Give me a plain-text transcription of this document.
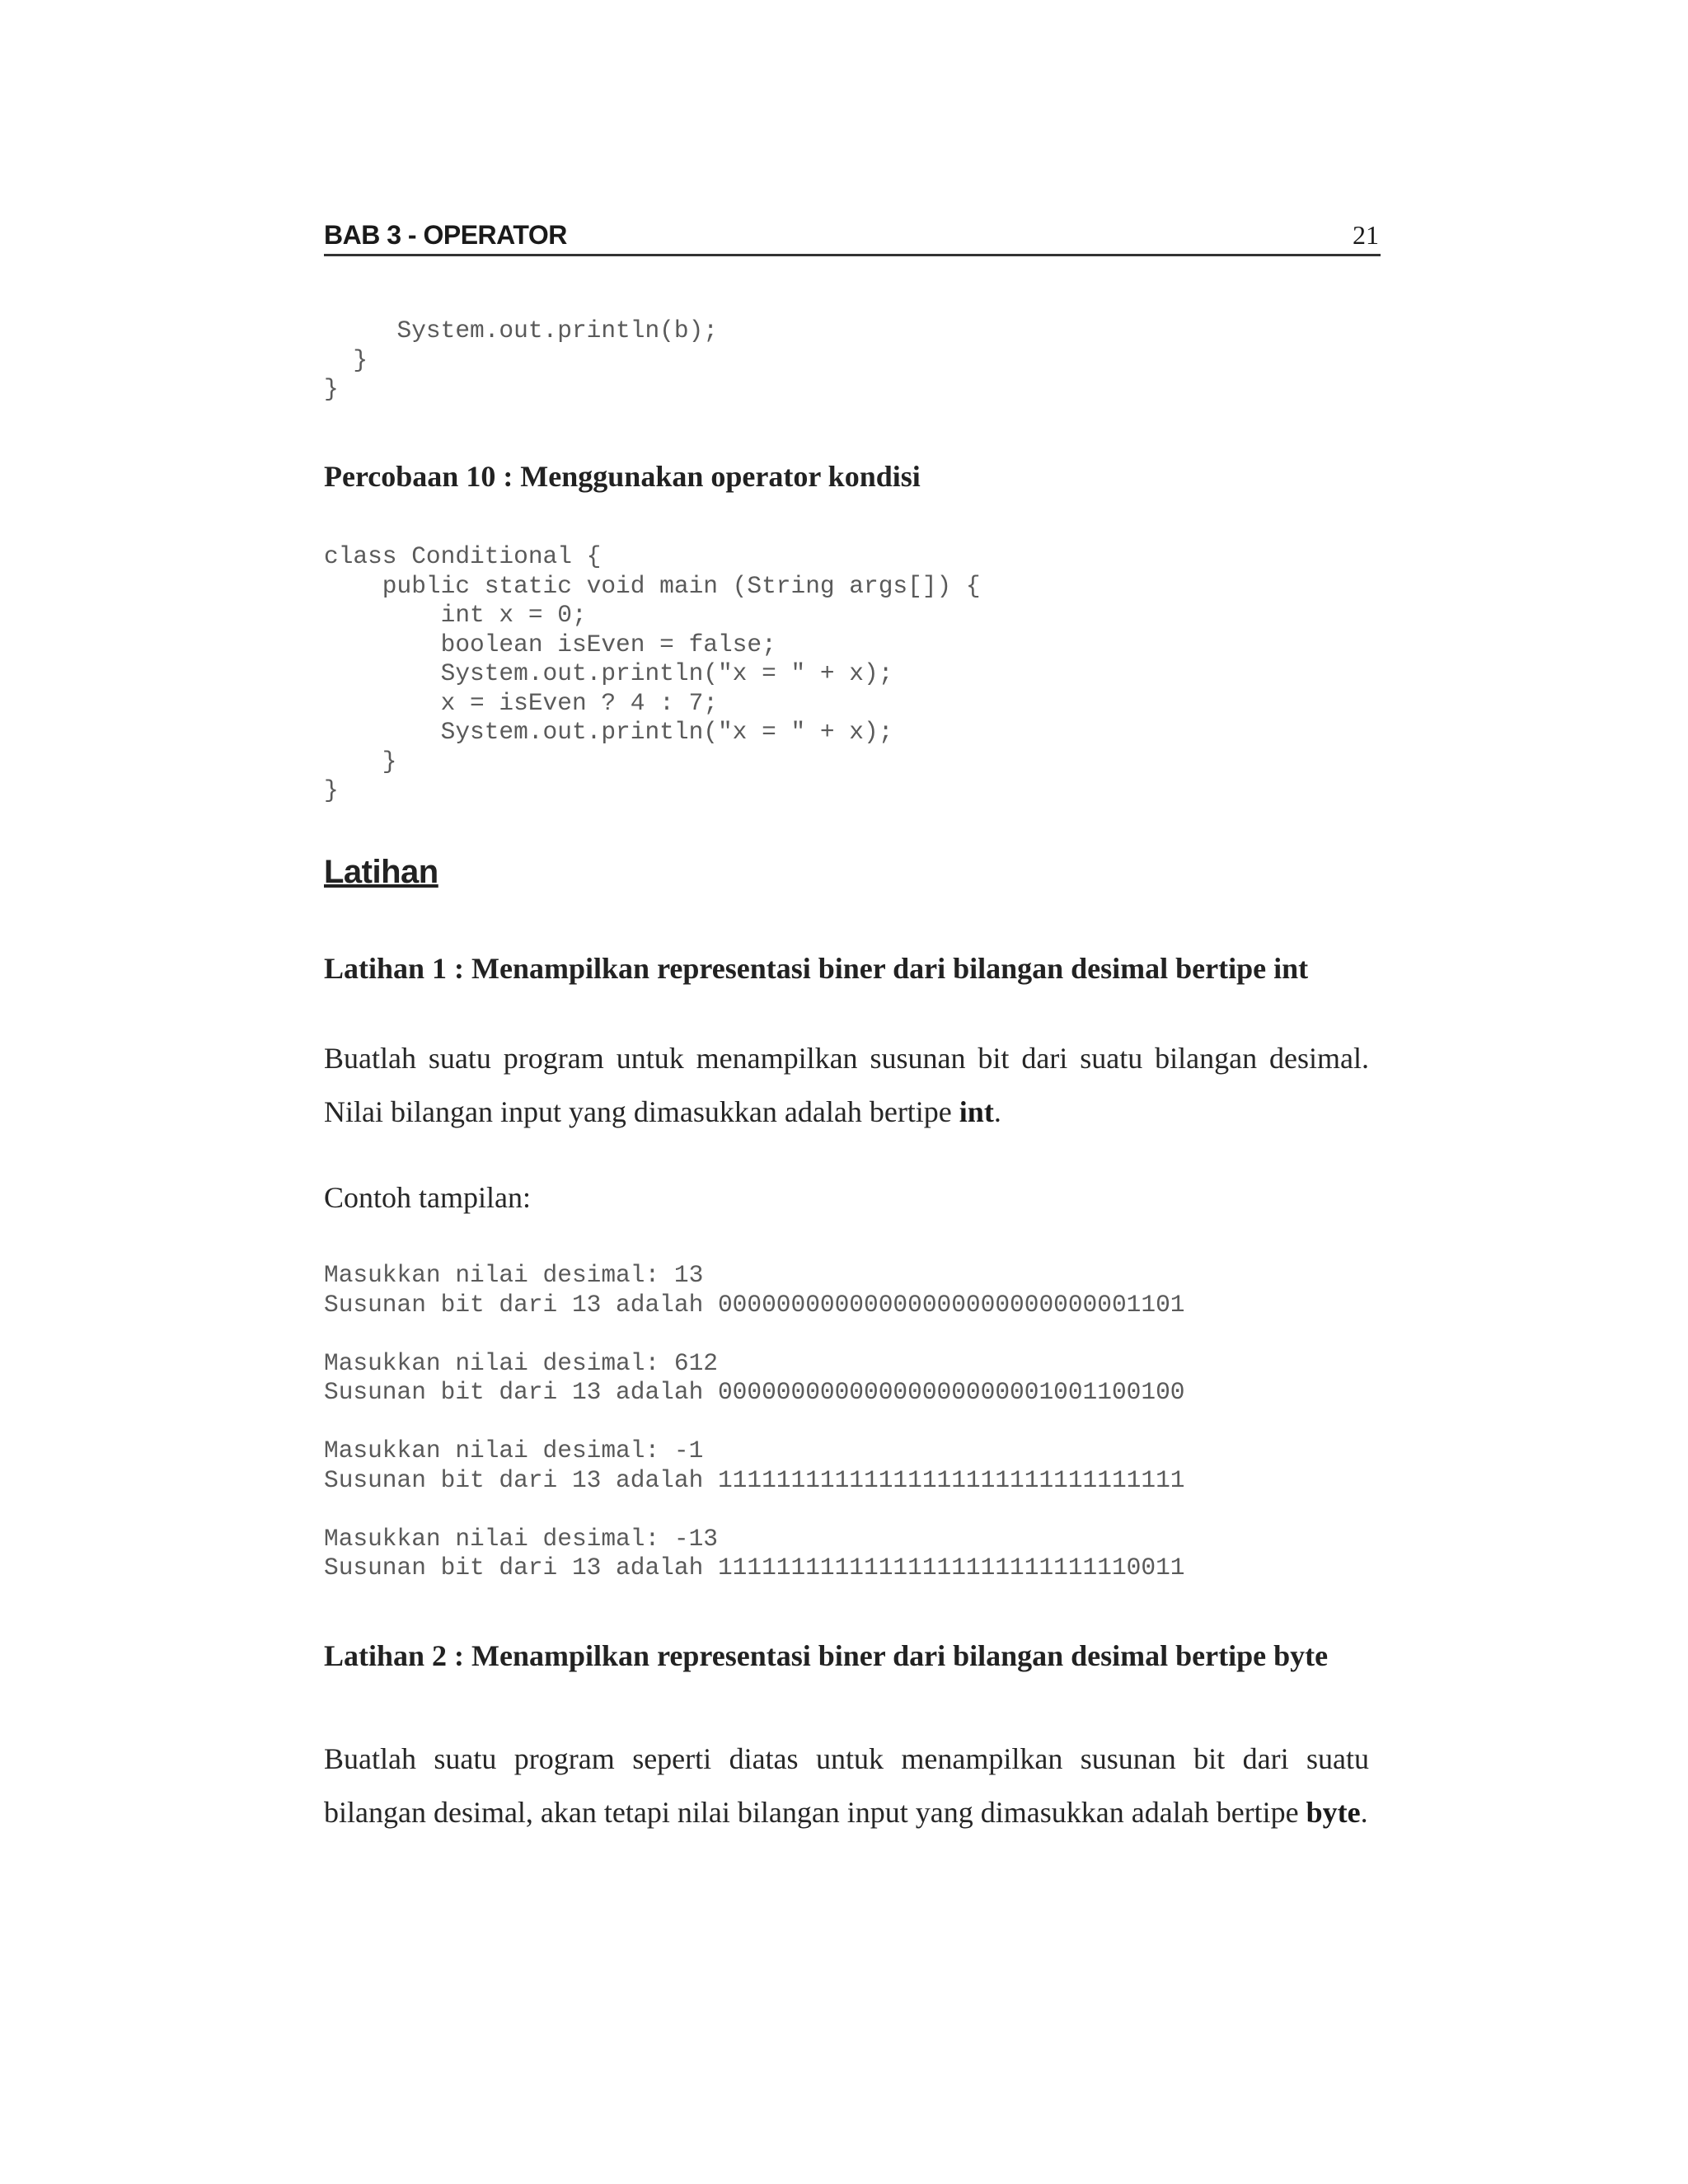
BAB 3 - OPERATOR	21
System.out.println(b);
}
}
Percobaan 10 : Menggunakan operator kondisi
class Conditional {
public static void main (String args[]) {
int x = 0;
boolean isEven = false;
System.out.println("x = " + x);
x = isEven ? 4 : 7;
System.out.println("x = " + x);
}
}
Latihan
Latihan 1 : Menampilkan representasi biner dari bilangan desimal bertipe int

Buatlah suatu program untuk menampilkan susunan bit dari suatu bilangan desimal. Nilai bilangan input yang dimasukkan adalah bertipe int.

Contoh tampilan:

Masukkan nilai desimal: 13
Susunan bit dari 13 adalah 00000000000000000000000000001101

Masukkan nilai desimal: 612
Susunan bit dari 13 adalah 00000000000000000000001001100100

Masukkan nilai desimal: -1
Susunan bit dari 13 adalah 11111111111111111111111111111111

Masukkan nilai desimal: -13
Susunan bit dari 13 adalah 11111111111111111111111111110011
Latihan 2 : Menampilkan representasi biner dari bilangan desimal bertipe byte

Buatlah suatu program seperti diatas untuk menampilkan susunan bit dari suatu bilangan desimal, akan tetapi nilai bilangan input yang dimasukkan adalah bertipe byte.
